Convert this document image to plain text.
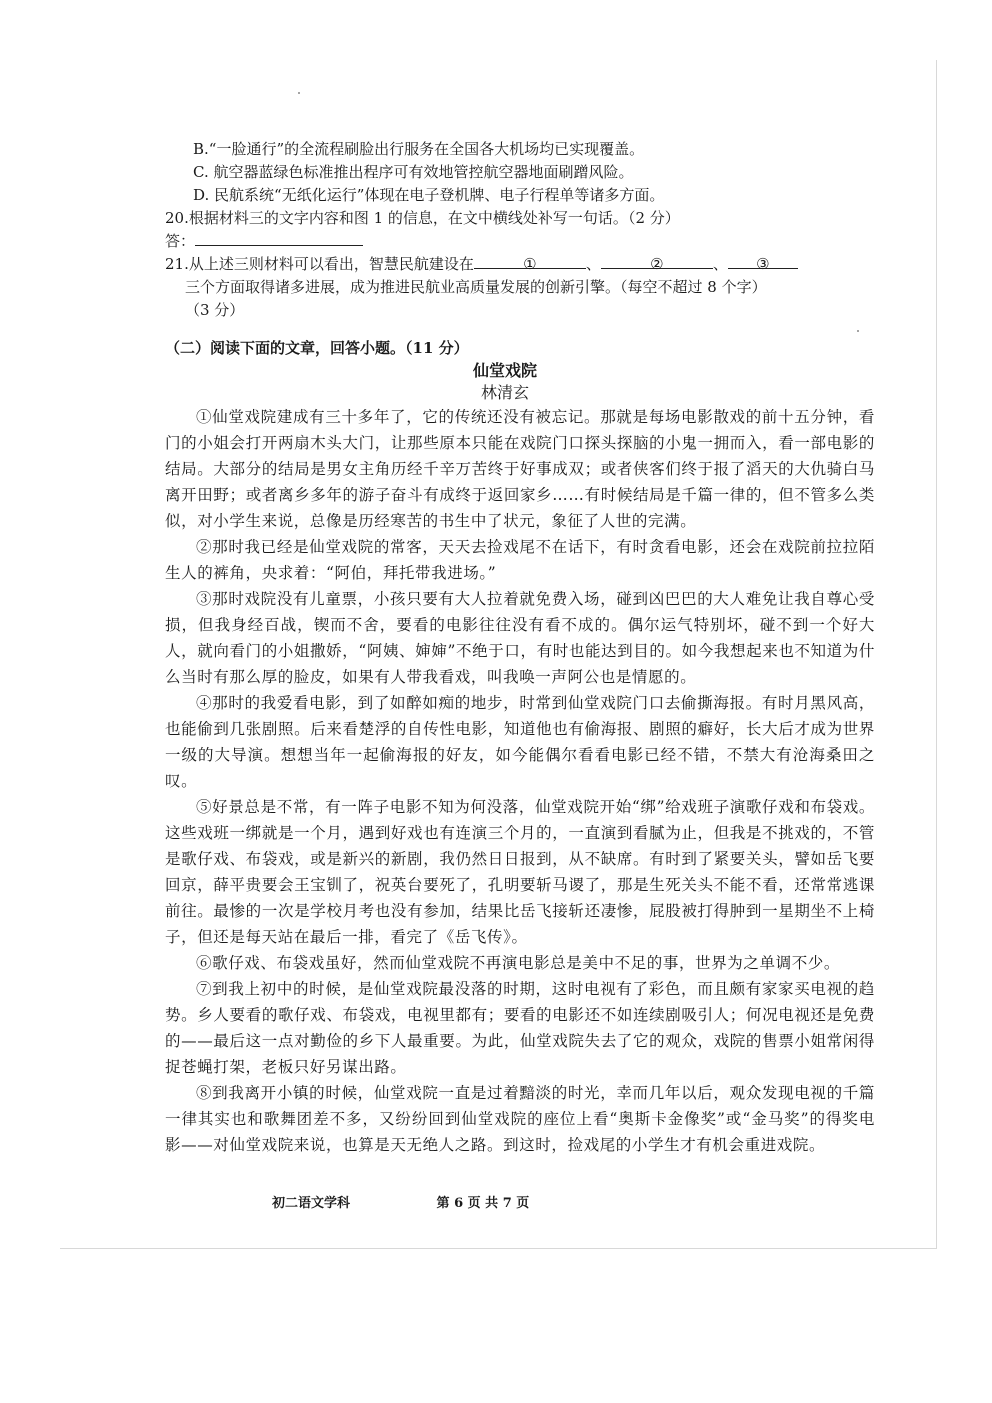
B.“一脸通行”的全流程刷脸出行服务在全国各大机场均已实现覆盖。
C. 航空器蓝绿色标准推出程序可有效地管控航空器地面刷蹭风险。
D. 民航系统“无纸化运行”体现在电子登机牌、电子行程单等诸多方面。
20.根据材料三的文字内容和图 1 的信息，在文中横线处补写一句话。（2 分）
答：
21.从上述三则材料可以看出，智慧民航建设在	①	、	②	、 ③
三个方面取得诸多进展，成为推进民航业高质量发展的创新引擎。（每空不超过 8 个字）
（3 分）
（二）阅读下面的文章，回答小题。（11 分）
仙堂戏院
林清玄

①仙堂戏院建成有三十多年了，它的传统还没有被忘记。那就是每场电影散戏的前十五分钟，看门的小姐会打开两扇木头大门，让那些原本只能在戏院门口探头探脑的小鬼一拥而入，看一部电影的结局。大部分的结局是男女主角历经千辛万苦终于好事成双；或者侠客们终于报了滔天的大仇骑白马离开田野；或者离乡多年的游子奋斗有成终于返回家乡……有时候结局是千篇一律的，但不管多么类似，对小学生来说，总像是历经寒苦的书生中了状元，象征了人世的完满。

②那时我已经是仙堂戏院的常客，天天去捡戏尾不在话下，有时贪看电影，还会在戏院前拉拉陌生人的裤角，央求着：“阿伯，拜托带我进场。”

③那时戏院没有儿童票，小孩只要有大人拉着就免费入场，碰到凶巴巴的大人难免让我自尊心受损，但我身经百战，锲而不舍，要看的电影往往没有看不成的。偶尔运气特别坏，碰不到一个好大人，就向看门的小姐撒娇，“阿姨、婶婶”不绝于口，有时也能达到目的。如今我想起来也不知道为什么当时有那么厚的脸皮，如果有人带我看戏，叫我唤一声阿公也是情愿的。

④那时的我爱看电影，到了如醉如痴的地步，时常到仙堂戏院门口去偷撕海报。有时月黑风高，也能偷到几张剧照。后来看楚浮的自传性电影，知道他也有偷海报、剧照的癖好，长大后才成为世界一级的大导演。想想当年一起偷海报的好友，如今能偶尔看看电影已经不错，不禁大有沧海桑田之叹。

⑤好景总是不常，有一阵子电影不知为何没落，仙堂戏院开始“绑”给戏班子演歌仔戏和布袋戏。这些戏班一绑就是一个月，遇到好戏也有连演三个月的，一直演到看腻为止，但我是不挑戏的，不管是歌仔戏、布袋戏，或是新兴的新剧，我仍然日日报到，从不缺席。有时到了紧要关头，譬如岳飞要回京，薛平贵要会王宝钏了，祝英台要死了，孔明要斩马谡了，那是生死关头不能不看，还常常逃课前往。最惨的一次是学校月考也没有参加，结果比岳飞接斩还凄惨，屁股被打得肿到一星期坐不上椅子，但还是每天站在最后一排，看完了《岳飞传》。

⑥歌仔戏、布袋戏虽好，然而仙堂戏院不再演电影总是美中不足的事，世界为之单调不少。

⑦到我上初中的时候，是仙堂戏院最没落的时期，这时电视有了彩色，而且颇有家家买电视的趋势。乡人要看的歌仔戏、布袋戏，电视里都有；要看的电影还不如连续剧吸引人；何况电视还是免费的——最后这一点对勤俭的乡下人最重要。为此，仙堂戏院失去了它的观众，戏院的售票小姐常闲得捉苍蝇打架，老板只好另谋出路。

⑧到我离开小镇的时候，仙堂戏院一直是过着黯淡的时光，幸而几年以后，观众发现电视的千篇一律其实也和歌舞团差不多，又纷纷回到仙堂戏院的座位上看“奥斯卡金像奖”或“金马奖”的得奖电影——对仙堂戏院来说，也算是天无绝人之路。到这时，捡戏尾的小学生才有机会重进戏院。

初二语文学科	第 6 页 共 7 页
